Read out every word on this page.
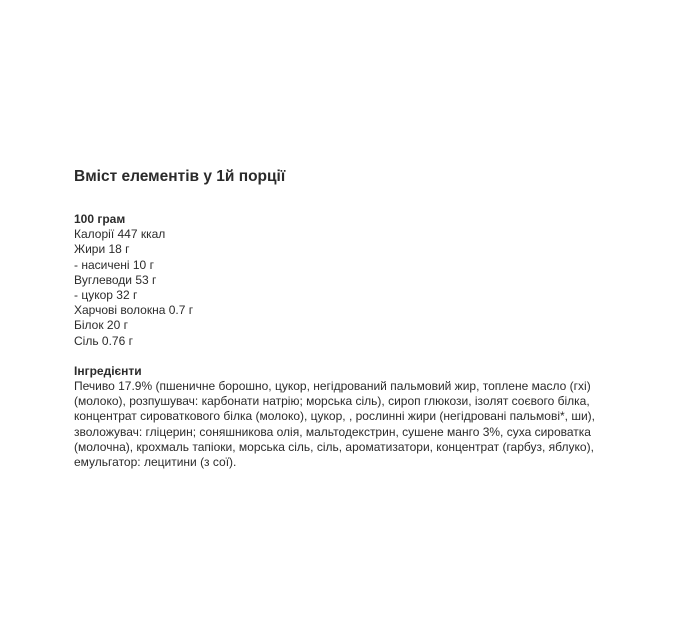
Вміст елементів у 1й порції
100 грам
Калорії 447 ккал
Жири 18 г
- насичені 10 г
Вуглеводи 53 г
- цукор 32 г
Харчові волокна 0.7 г
Білок 20 г
Сіль 0.76 г
Інгредієнти

Печиво 17.9% (пшеничне борошно, цукор, негідрований пальмовий жир, топлене масло (гхі) (молоко), розпушувач: карбонати натрію; морська сіль), сироп глюкози, ізолят соєвого білка, концентрат сироваткового білка (молоко), цукор, , рослинні жири (негідровані пальмові*, ши), зволожувач: гліцерин; соняшникова олія, мальтодекстрин, сушене манго 3%, суха сироватка (молочна), крохмаль тапіоки, морська сіль, сіль, ароматизатори, концентрат (гарбуз, яблуко), емульгатор: лецитини (з сої).
